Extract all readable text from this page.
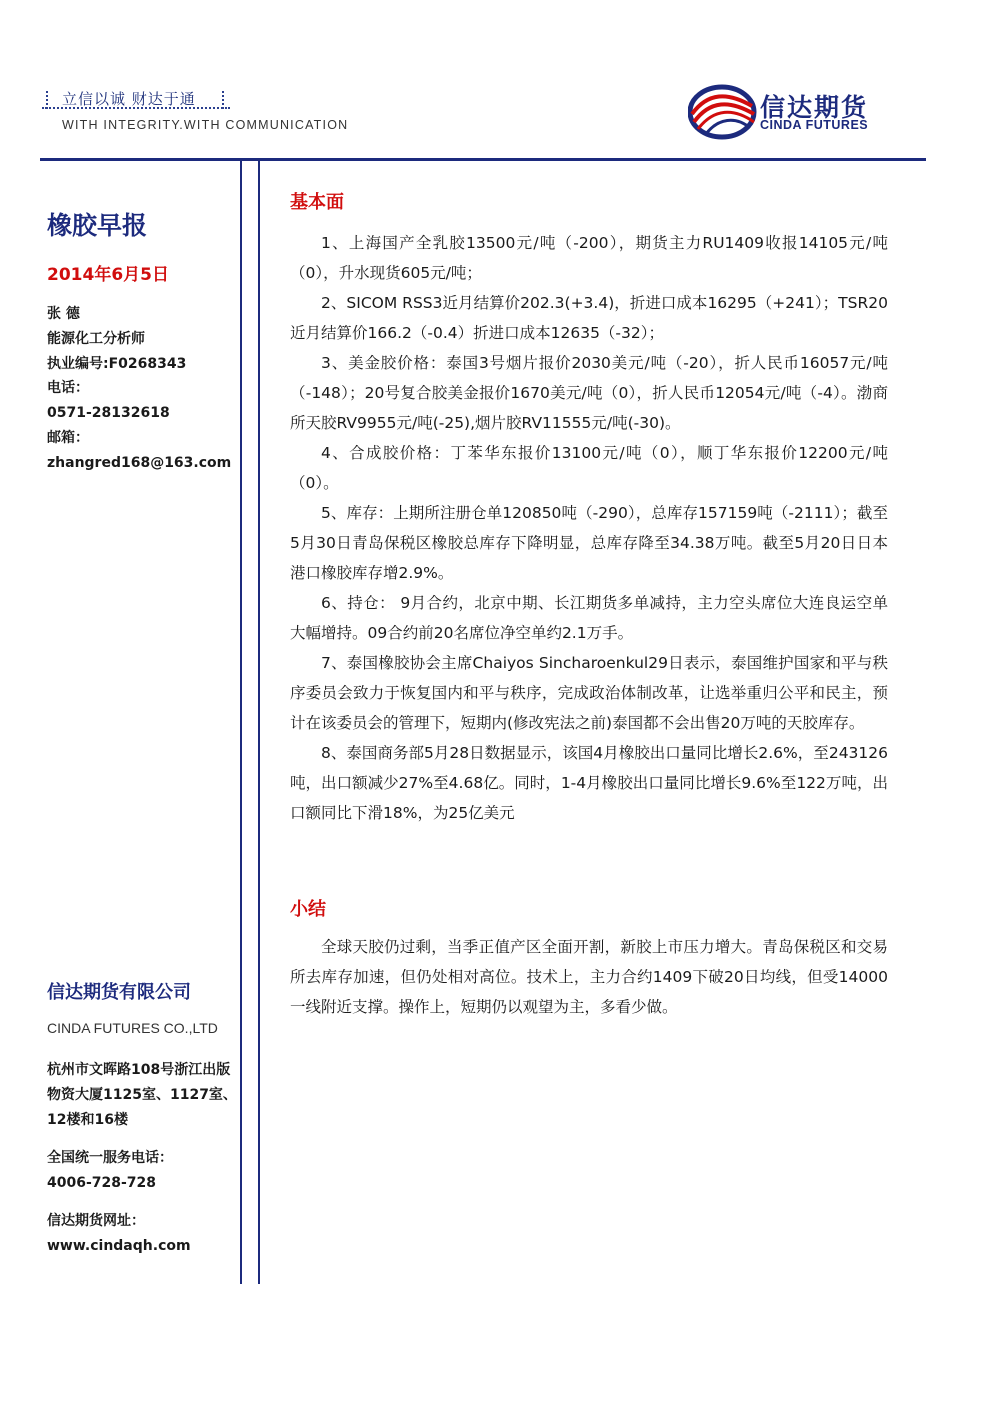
立信以诚 财达于通
WITH INTEGRITY.WITH COMMUNICATION
信达期货
CINDA FUTURES
橡胶早报
2014年6月5日
张 德
能源化工分析师
执业编号:F0268343
电话：
0571-28132618
邮箱：
zhangred168@163.com
信达期货有限公司
CINDA FUTURES CO.,LTD
杭州市文晖路108号浙江出版物资大厦1125室、1127室、12楼和16楼
全国统一服务电话：
4006-728-728
信达期货网址：
www.cindaqh.com
基本面

1、上海国产全乳胶13500元/吨（-200），期货主力RU1409收报14105元/吨（0），升水现货605元/吨；

2、SICOM RSS3近月结算价202.3(+3.4)，折进口成本16295（+241）；TSR20近月结算价166.2（-0.4）折进口成本12635（-32）；

3、美金胶价格：泰国3号烟片报价2030美元/吨（-20），折人民币16057元/吨（-148）；20号复合胶美金报价1670美元/吨（0），折人民币12054元/吨（-4）。渤商所天胶RV9955元/吨(-25),烟片胶RV11555元/吨(-30)。

4、合成胶价格：丁苯华东报价13100元/吨（0），顺丁华东报价12200元/吨（0）。

5、库存：上期所注册仓单120850吨（-290），总库存157159吨（-2111）；截至5月30日青岛保税区橡胶总库存下降明显，总库存降至34.38万吨。截至5月20日日本港口橡胶库存增2.9%。

6、持仓： 9月合约，北京中期、长江期货多单减持，主力空头席位大连良运空单大幅增持。09合约前20名席位净空单约2.1万手。

7、泰国橡胶协会主席Chaiyos Sincharoenkul29日表示，泰国维护国家和平与秩序委员会致力于恢复国内和平与秩序，完成政治体制改革，让选举重归公平和民主，预计在该委员会的管理下，短期内(修改宪法之前)泰国都不会出售20万吨的天胶库存。

8、泰国商务部5月28日数据显示，该国4月橡胶出口量同比增长2.6%，至243126吨，出口额减少27%至4.68亿。同时，1-4月橡胶出口量同比增长9.6%至122万吨，出口额同比下滑18%，为25亿美元

小结

全球天胶仍过剩，当季正值产区全面开割，新胶上市压力增大。青岛保税区和交易所去库存加速，但仍处相对高位。技术上，主力合约1409下破20日均线，但受14000一线附近支撑。操作上，短期仍以观望为主，多看少做。
